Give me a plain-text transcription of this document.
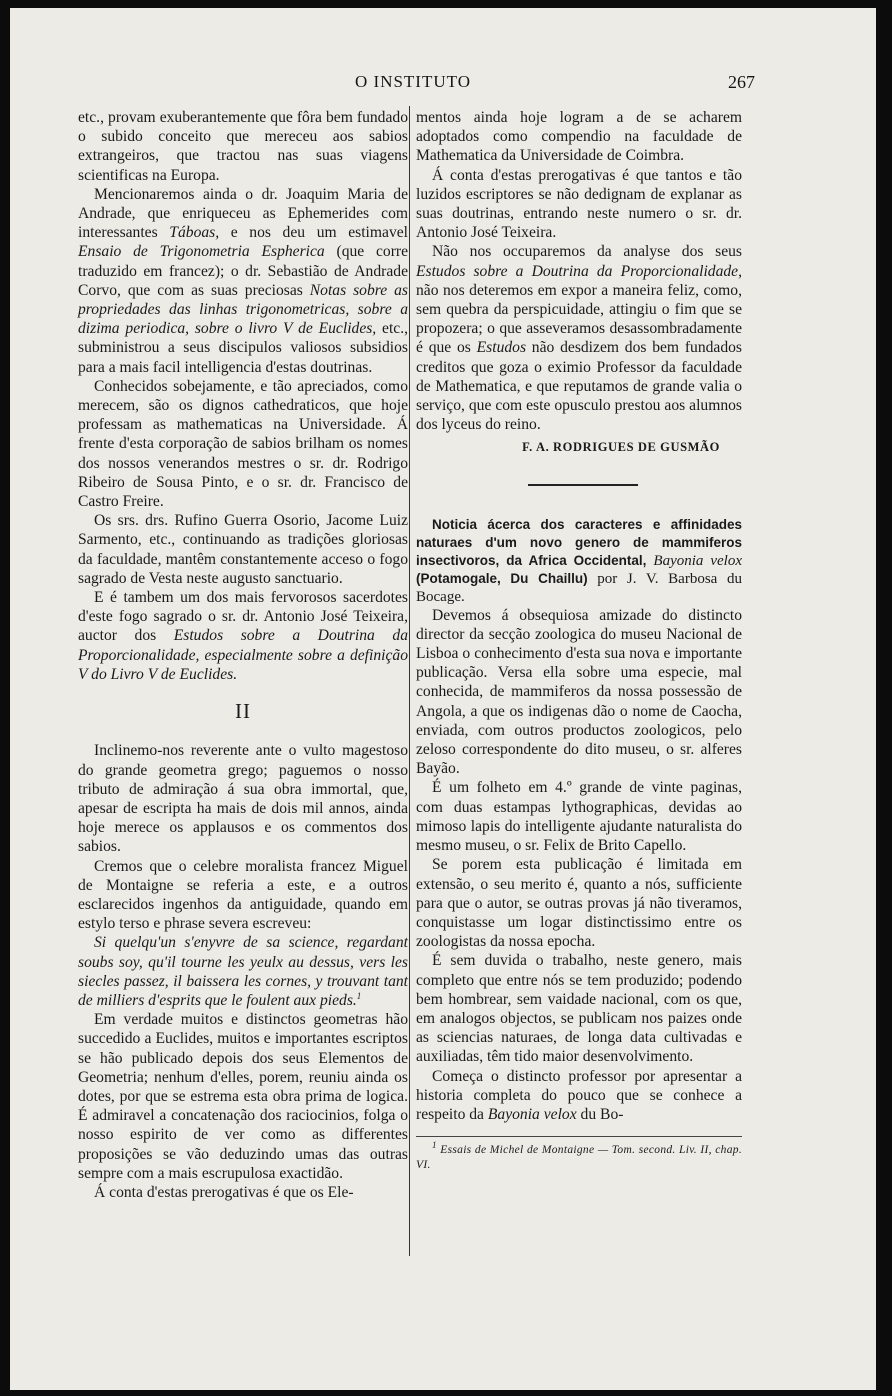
O INSTITUTO	267

etc., provam exuberantemente que fôra bem fundado o subido conceito que mereceu aos sabios extrangeiros, que tractou nas suas viagens scientificas na Europa.

Mencionaremos ainda o dr. Joaquim Maria de Andrade, que enriqueceu as Ephemerides com interessantes Táboas, e nos deu um estimavel Ensaio de Trigonometria Espherica (que corre traduzido em francez); o dr. Sebastião de Andrade Corvo, que com as suas preciosas Notas sobre as propriedades das linhas trigonometricas, sobre a dizima periodica, sobre o livro V de Euclides, etc., subministrou a seus discipulos valiosos subsidios para a mais facil intelligencia d'estas doutrinas.

Conhecidos sobejamente, e tão apreciados, como merecem, são os dignos cathedraticos, que hoje professam as mathematicas na Universidade. Á frente d'esta corporação de sabios brilham os nomes dos nossos venerandos mestres o sr. dr. Rodrigo Ribeiro de Sousa Pinto, e o sr. dr. Francisco de Castro Freire.

Os srs. drs. Rufino Guerra Osorio, Jacome Luiz Sarmento, etc., continuando as tradições gloriosas da faculdade, mantêm constantemente acceso o fogo sagrado de Vesta neste augusto sanctuario.

E é tambem um dos mais fervorosos sacerdotes d'este fogo sagrado o sr. dr. Antonio José Teixeira, auctor dos Estudos sobre a Doutrina da Proporcionalidade, especialmente sobre a definição V do Livro V de Euclides.

II

Inclinemo-nos reverente ante o vulto magestoso do grande geometra grego; paguemos o nosso tributo de admiração á sua obra immortal, que, apesar de escripta ha mais de dois mil annos, ainda hoje merece os applausos e os commentos dos sabios.

Cremos que o celebre moralista francez Miguel de Montaigne se referia a este, e a outros esclarecidos ingenhos da antiguidade, quando em estylo terso e phrase severa escreveu:

Si quelqu'un s'enyvre de sa science, regardant soubs soy, qu'il tourne les yeulx au dessus, vers les siecles passez, il baissera les cornes, y trouvant tant de milliers d'esprits que le foulent aux pieds.$^1$

Em verdade muitos e distinctos geometras hão succedido a Euclides, muitos e importantes escriptos se hão publicado depois dos seus Elementos de Geometria; nenhum d'elles, porem, reuniu ainda os dotes, por que se estrema esta obra prima de logica. É admiravel a concatenação dos raciocinios, folga o nosso espirito de ver como as differentes proposições se vão deduzindo umas das outras sempre com a mais escrupulosa exactidão.

Á conta d'estas prerogativas é que os Ele-

mentos ainda hoje logram a de se acharem adoptados como compendio na faculdade de Mathematica da Universidade de Coimbra.

Á conta d'estas prerogativas é que tantos e tão luzidos escriptores se não dedignam de explanar as suas doutrinas, entrando neste numero o sr. dr. Antonio José Teixeira.

Não nos occuparemos da analyse dos seus Estudos sobre a Doutrina da Proporcionalidade, não nos deteremos em expor a maneira feliz, como, sem quebra da perspicuidade, attingiu o fim que se propozera; o que asseveramos desassombradamente é que os Estudos não desdizem dos bem fundados creditos que goza o eximio Professor da faculdade de Mathematica, e que reputamos de grande valia o serviço, que com este opusculo prestou aos alumnos dos lyceus do reino.

F. A. RODRIGUES DE GUSMÃO

Noticia ácerca dos caracteres e affinidades naturaes d'um novo genero de mammiferos insectivoros, da Africa Occidental, Bayonia velox (Potamogale, Du Chaillu) por J. V. Barbosa du Bocage.

Devemos á obsequiosa amizade do distincto director da secção zoologica do museu Nacional de Lisboa o conhecimento d'esta sua nova e importante publicação. Versa ella sobre uma especie, mal conhecida, de mammiferos da nossa possessão de Angola, a que os indigenas dão o nome de Caocha, enviada, com outros productos zoologicos, pelo zeloso correspondente do dito museu, o sr. alferes Bayão.

É um folheto em 4.º grande de vinte paginas, com duas estampas lythographicas, devidas ao mimoso lapis do intelligente ajudante naturalista do mesmo museu, o sr. Felix de Brito Capello.

Se porem esta publicação é limitada em extensão, o seu merito é, quanto a nós, sufficiente para que o autor, se outras provas já não tiveramos, conquistasse um logar distinctissimo entre os zoologistas da nossa epocha.

É sem duvida o trabalho, neste genero, mais completo que entre nós se tem produzido; podendo bem hombrear, sem vaidade nacional, com os que, em analogos objectos, se publicam nos paizes onde as sciencias naturaes, de longa data cultivadas e auxiliadas, têm tido maior desenvolvimento.

Começa o distincto professor por apresentar a historia completa do pouco que se conhece a respeito da Bayonia velox du Bo-

$^1$ Essais de Michel de Montaigne — Tom. second. Liv. II, chap. VI.
